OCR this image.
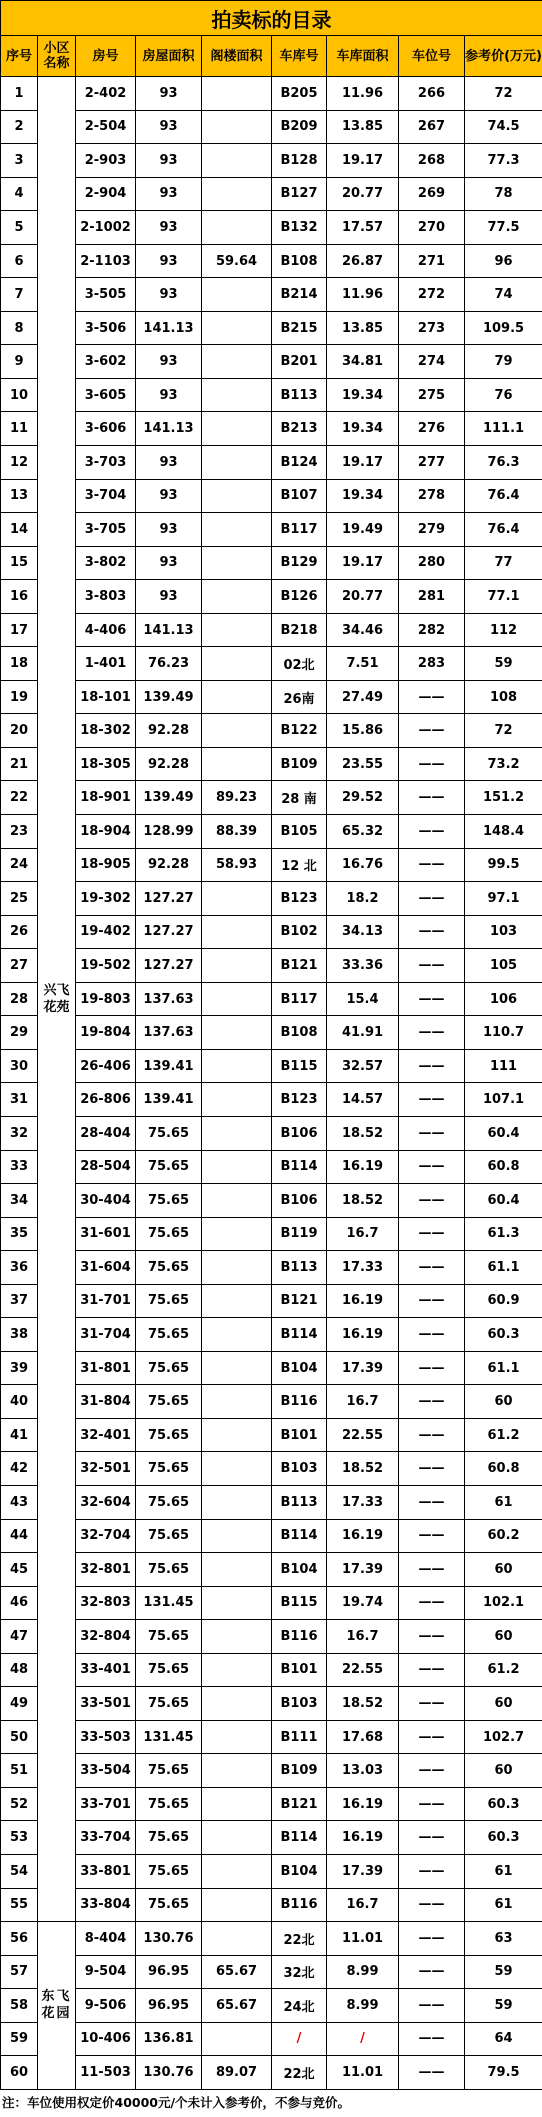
拍卖标的目录								
序号	小区名称	房号	房屋面积	阁楼面积	车库号	车库面积	车位号	参考价(万元)
1	兴飞花苑	2-402	93		B205	11.96	266	72
2		2-504	93		B209	13.85	267	74.5
3		2-903	93		B128	19.17	268	77.3
4		2-904	93		B127	20.77	269	78
5		2-1002	93		B132	17.57	270	77.5
6		2-1103	93	59.64	B108	26.87	271	96
7		3-505	93		B214	11.96	272	74
8		3-506	141.13		B215	13.85	273	109.5
9		3-602	93		B201	34.81	274	79
10		3-605	93		B113	19.34	275	76
11		3-606	141.13		B213	19.34	276	111.1
12		3-703	93		B124	19.17	277	76.3
13		3-704	93		B107	19.34	278	76.4
14		3-705	93		B117	19.49	279	76.4
15		3-802	93		B129	19.17	280	77
16		3-803	93		B126	20.77	281	77.1
17		4-406	141.13		B218	34.46	282	112
18		1-401	76.23		02北	7.51	283	59
19		18-101	139.49		26南	27.49	——	108
20		18-302	92.28		B122	15.86	——	72
21		18-305	92.28		B109	23.55	——	73.2
22		18-901	139.49	89.23	28 南	29.52	——	151.2
23		18-904	128.99	88.39	B105	65.32	——	148.4
24		18-905	92.28	58.93	12 北	16.76	——	99.5
25		19-302	127.27		B123	18.2	——	97.1
26		19-402	127.27		B102	34.13	——	103
27		19-502	127.27		B121	33.36	——	105
28		19-803	137.63		B117	15.4	——	106
29		19-804	137.63		B108	41.91	——	110.7
30		26-406	139.41		B115	32.57	——	111
31		26-806	139.41		B123	14.57	——	107.1
32		28-404	75.65		B106	18.52	——	60.4
33		28-504	75.65		B114	16.19	——	60.8
34		30-404	75.65		B106	18.52	——	60.4
35		31-601	75.65		B119	16.7	——	61.3
36		31-604	75.65		B113	17.33	——	61.1
37		31-701	75.65		B121	16.19	——	60.9
38		31-704	75.65		B114	16.19	——	60.3
39		31-801	75.65		B104	17.39	——	61.1
40		31-804	75.65		B116	16.7	——	60
41		32-401	75.65		B101	22.55	——	61.2
42		32-501	75.65		B103	18.52	——	60.8
43		32-604	75.65		B113	17.33	——	61
44		32-704	75.65		B114	16.19	——	60.2
45		32-801	75.65		B104	17.39	——	60
46		32-803	131.45		B115	19.74	——	102.1
47		32-804	75.65		B116	16.7	——	60
48		33-401	75.65		B101	22.55	——	61.2
49		33-501	75.65		B103	18.52	——	60
50		33-503	131.45		B111	17.68	——	102.7
51		33-504	75.65		B109	13.03	——	60
52		33-701	75.65		B121	16.19	——	60.3
53		33-704	75.65		B114	16.19	——	60.3
54		33-801	75.65		B104	17.39	——	61
55		33-804	75.65		B116	16.7	——	61
56	东飞花园	8-404	130.76		22北	11.01	——	63
57		9-504	96.95	65.67	32北	8.99	——	59
58		9-506	96.95	65.67	24北	8.99	——	59
59		10-406	136.81		/	/	——	64
60		11-503	130.76	89.07	22北	11.01	——	79.5
注：车位使用权定价40000元/个未计入参考价，不参与竞价。
